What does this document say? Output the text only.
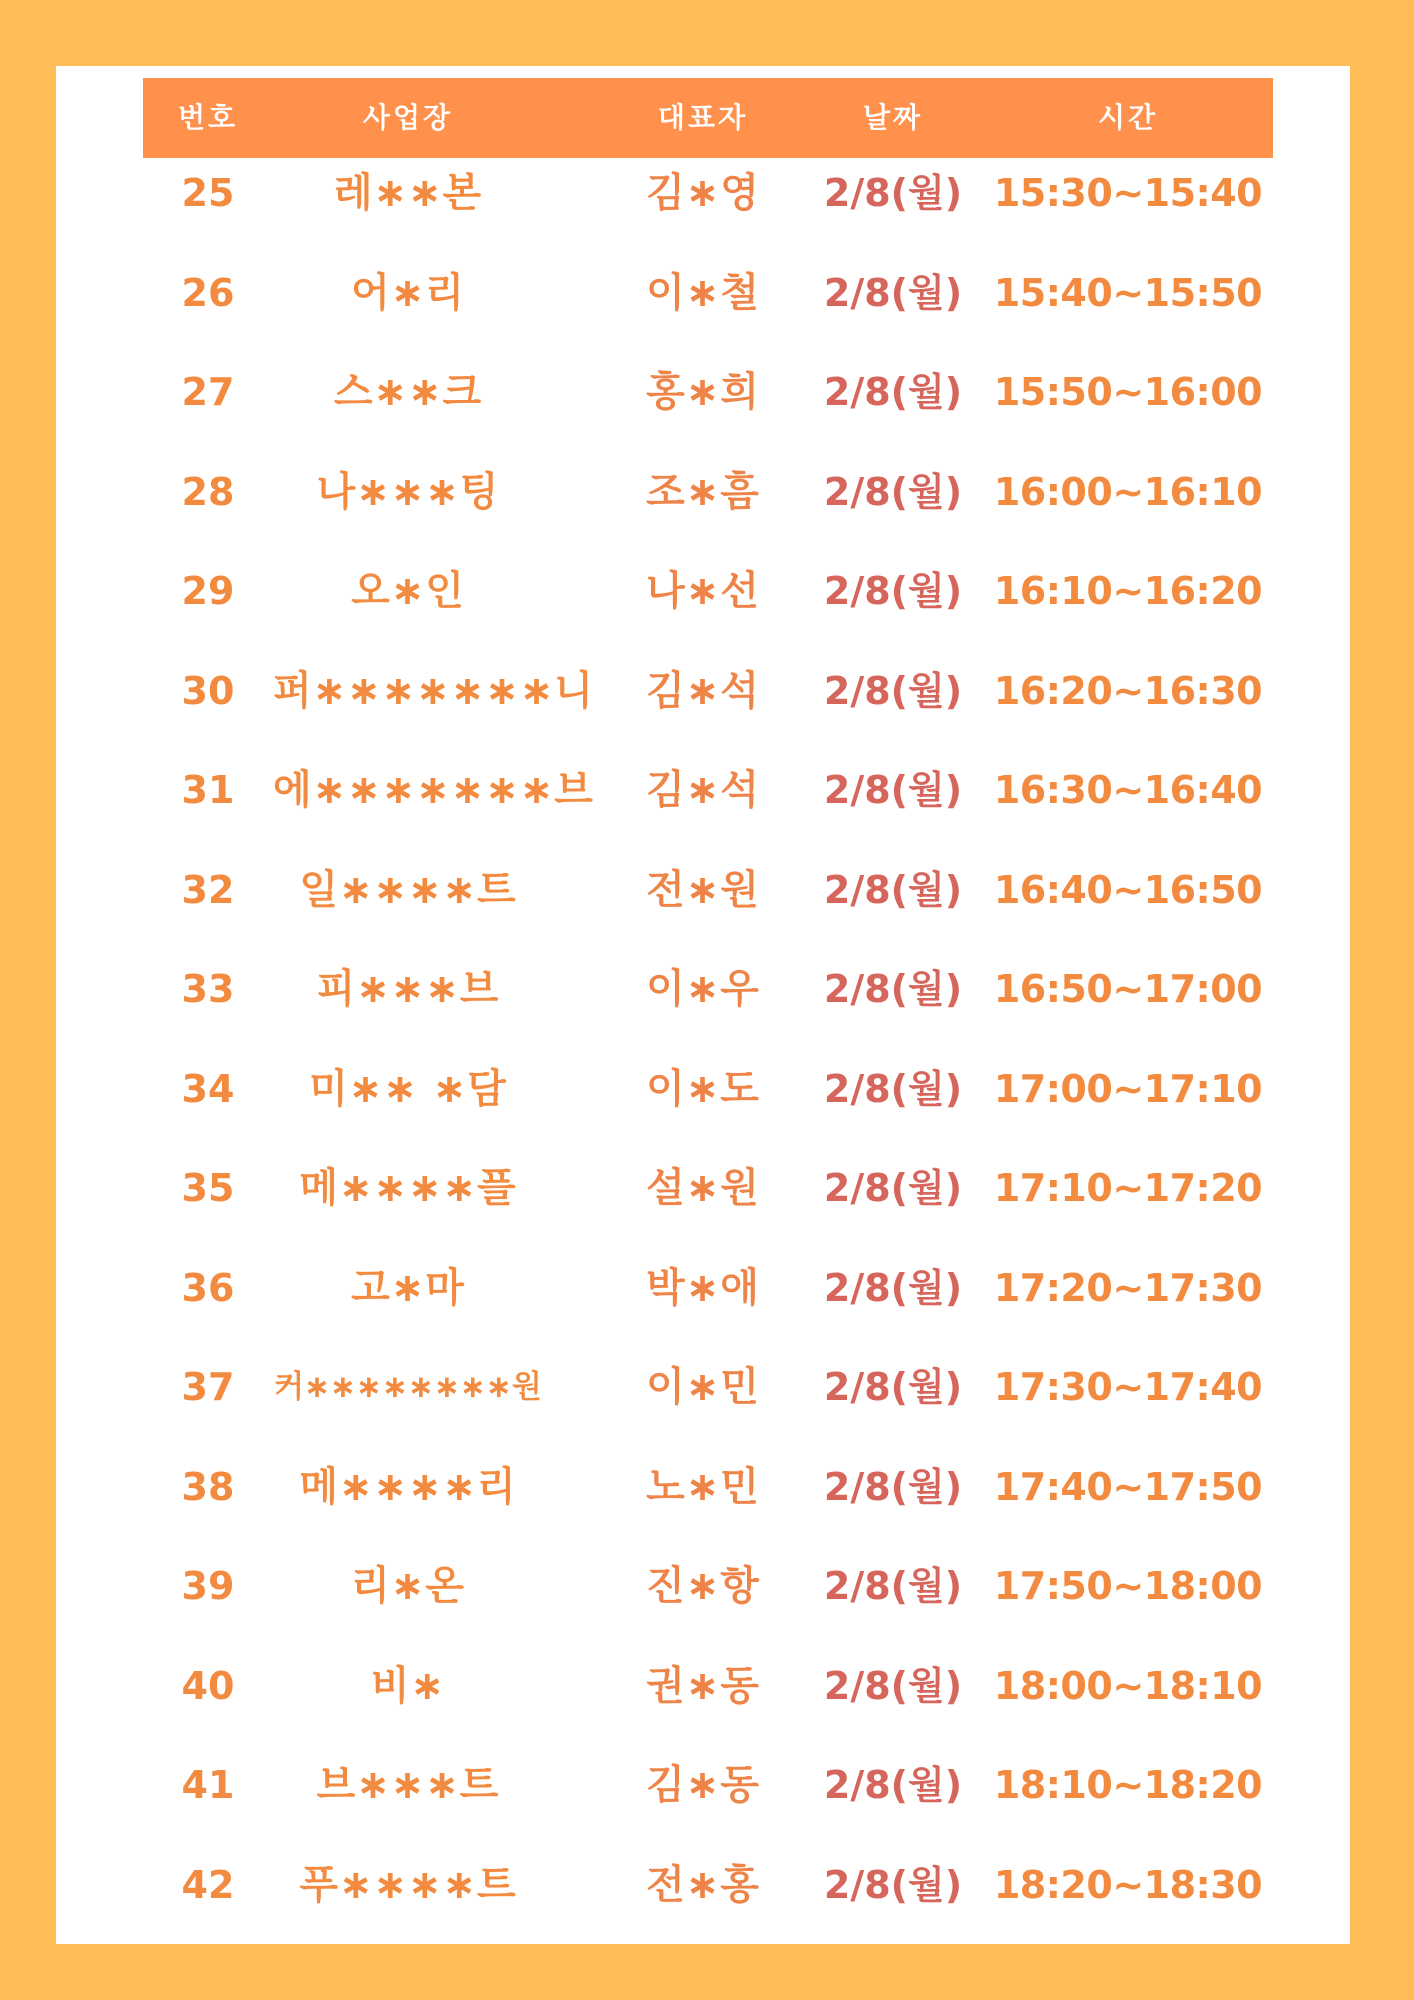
번호	사업장	대표자	날짜	시간
25	레∗∗본	김∗영	2/8(월) 15:30~15:40
26	어∗리	이∗철	2/8(월) 15:40~15:50
27	스∗∗크	홍∗희	2/8(월) 15:50~16:00
28	나∗∗∗팅	조∗흠	2/8(월) 16:00~16:10
29	오∗인	나∗선	2/8(월) 16:10~16:20
30 퍼∗∗∗∗∗∗∗니	김∗석	2/8(월) 16:20~16:30
31 에∗∗∗∗∗∗∗브	김∗석	2/8(월) 16:30~16:40
32	일∗∗∗∗트	전∗원	2/8(월) 16:40~16:50
33	피∗∗∗브	이∗우	2/8(월) 16:50~17:00
34	미∗∗ ∗담	이∗도	2/8(월) 17:00~17:10
35	메∗∗∗∗플	설∗원	2/8(월) 17:10~17:20
36	고∗마	박∗애	2/8(월) 17:20~17:30
37	커∗∗∗∗∗∗∗∗원	이∗민	2/8(월) 17:30~17:40
38	메∗∗∗∗리	노∗민	2/8(월) 17:40~17:50
39	리∗온	진∗항	2/8(월) 17:50~18:00
40	비∗	권∗동	2/8(월) 18:00~18:10
41	브∗∗∗트	김∗동	2/8(월) 18:10~18:20
42	푸∗∗∗∗트	전∗홍	2/8(월) 18:20~18:30
